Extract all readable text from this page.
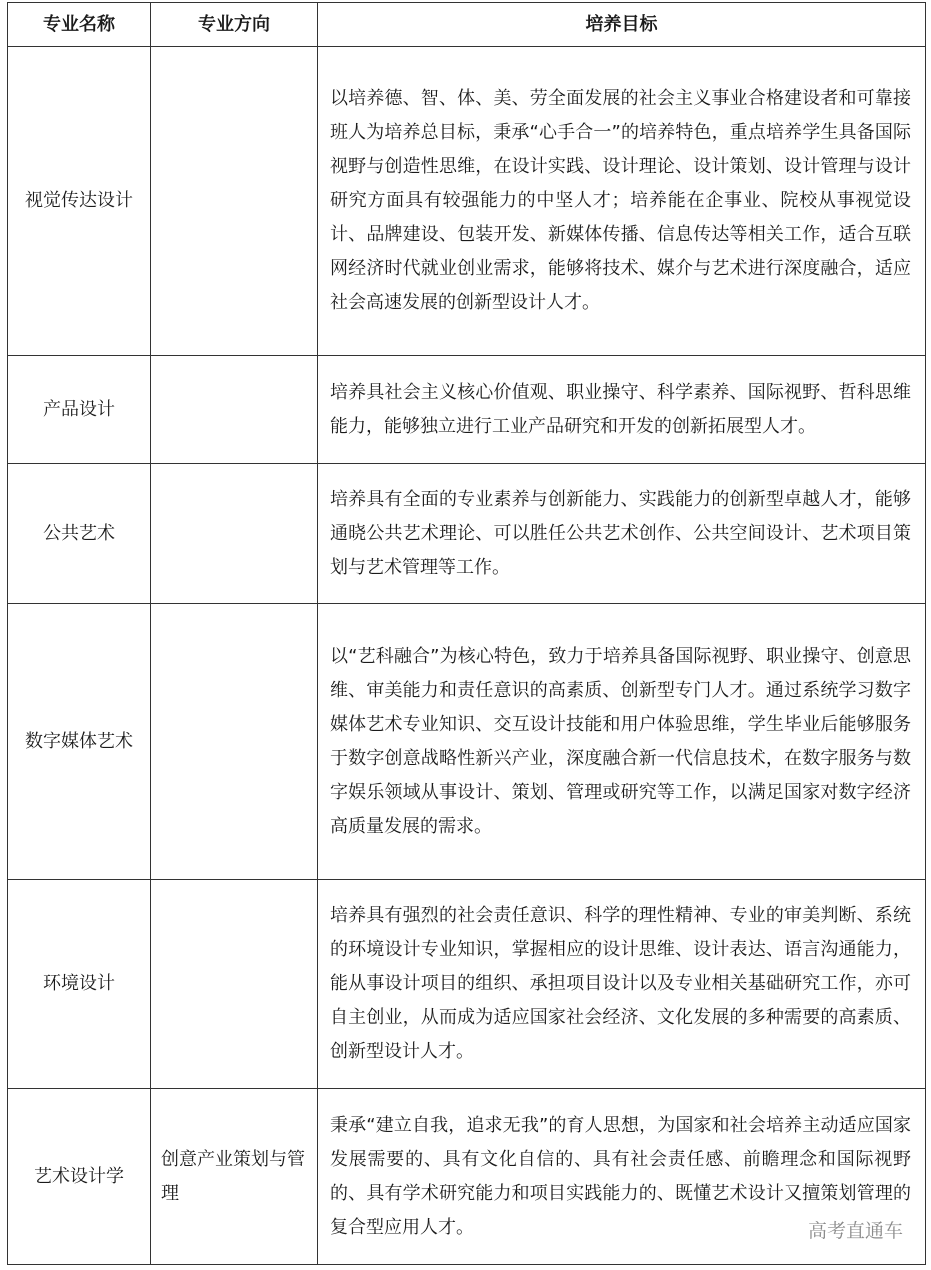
专业名称	专业方向	培养目标
视觉传达设计		以培养德、智、体、美、劳全面发展的社会主义事业合格建设者和可靠接班人为培养总目标，秉承“心手合一”的培养特色，重点培养学生具备国际视野与创造性思维，在设计实践、设计理论、设计策划、设计管理与设计研究方面具有较强能力的中坚人才；培养能在企事业、院校从事视觉设计、品牌建设、包装开发、新媒体传播、信息传达等相关工作，适合互联网经济时代就业创业需求，能够将技术、媒介与艺术进行深度融合，适应社会高速发展的创新型设计人才。
产品设计		培养具社会主义核心价值观、职业操守、科学素养、国际视野、哲科思维能力，能够独立进行工业产品研究和开发的创新拓展型人才。
公共艺术		培养具有全面的专业素养与创新能力、实践能力的创新型卓越人才，能够通晓公共艺术理论、可以胜任公共艺术创作、公共空间设计、艺术项目策划与艺术管理等工作。
数字媒体艺术		以“艺科融合”为核心特色，致力于培养具备国际视野、职业操守、创意思维、审美能力和责任意识的高素质、创新型专门人才。通过系统学习数字媒体艺术专业知识、交互设计技能和用户体验思维，学生毕业后能够服务于数字创意战略性新兴产业，深度融合新一代信息技术，在数字服务与数字娱乐领域从事设计、策划、管理或研究等工作，以满足国家对数字经济高质量发展的需求。
环境设计		培养具有强烈的社会责任意识、科学的理性精神、专业的审美判断、系统的环境设计专业知识，掌握相应的设计思维、设计表达、语言沟通能力，能从事设计项目的组织、承担项目设计以及专业相关基础研究工作，亦可自主创业，从而成为适应国家社会经济、文化发展的多种需要的高素质、创新型设计人才。
艺术设计学	创意产业策划与管理	秉承“建立自我，追求无我”的育人思想，为国家和社会培养主动适应国家发展需要的、具有文化自信的、具有社会责任感、前瞻理念和国际视野的、具有学术研究能力和项目实践能力的、既懂艺术设计又擅策划管理的复合型应用人才。	高考直通车
